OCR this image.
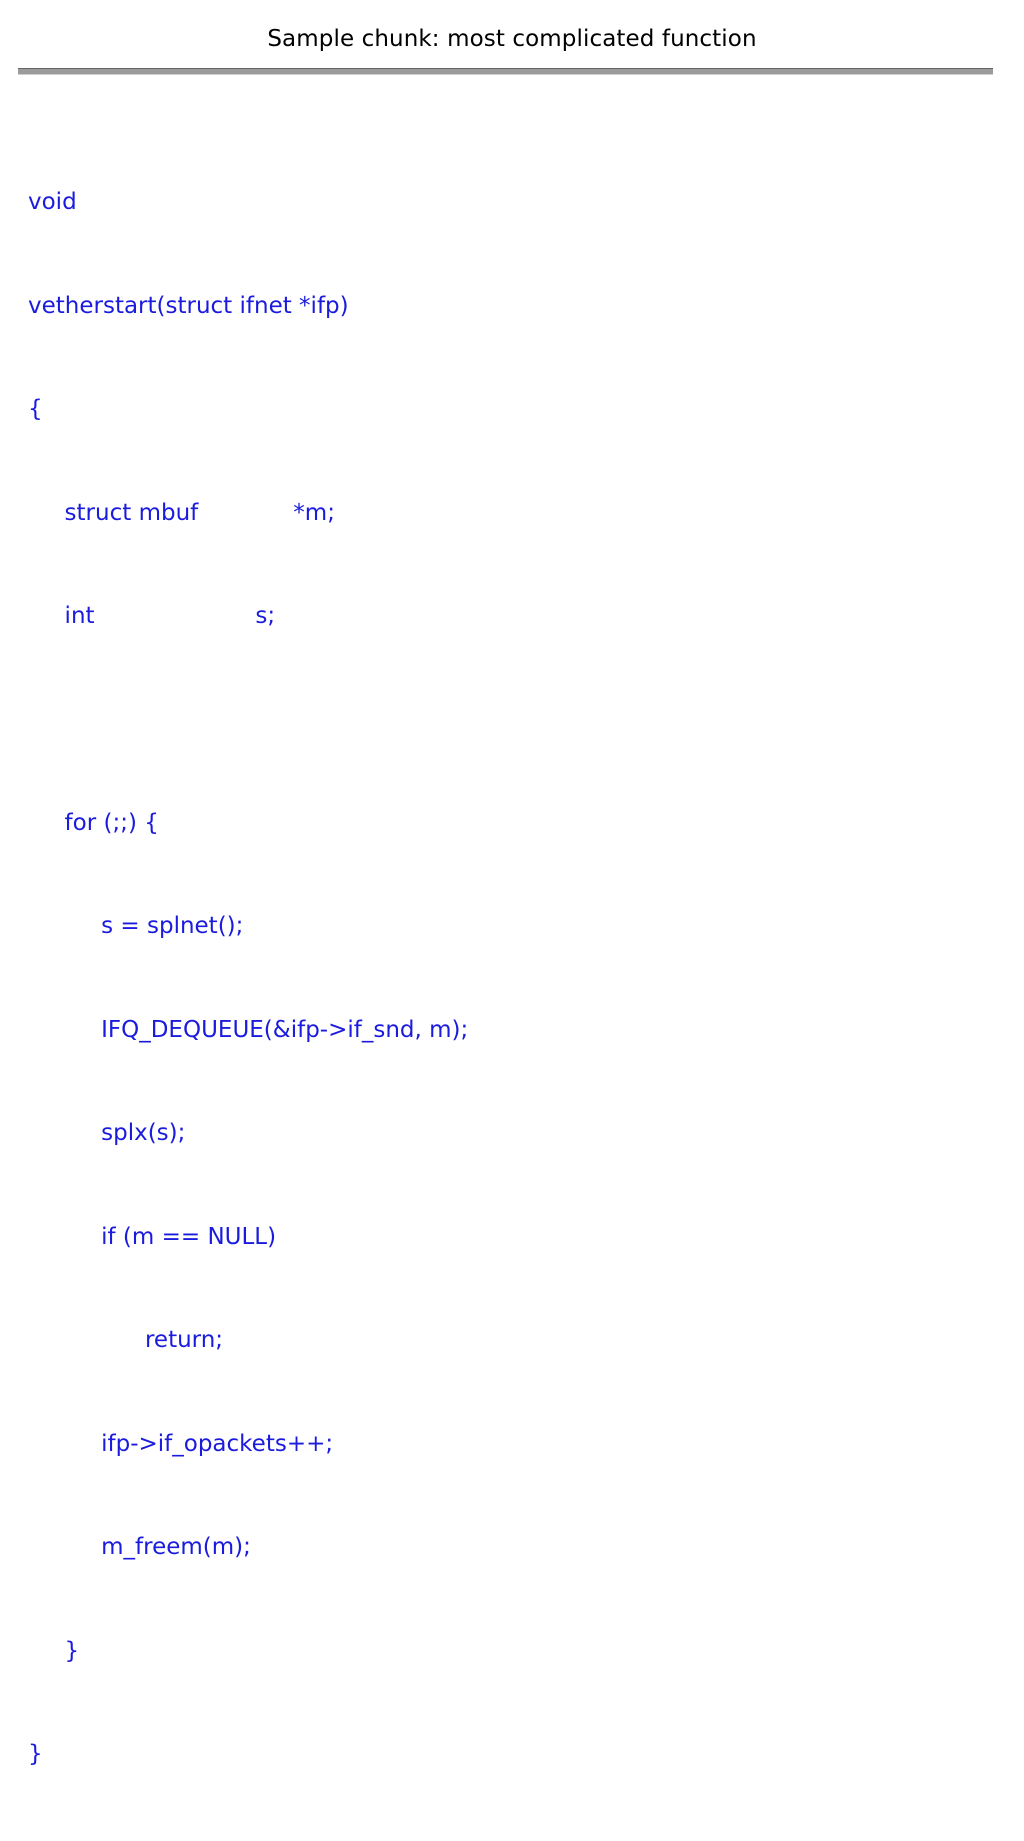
Sample chunk: most complicated function

void

vetherstart(struct ifnet *ifp)

{

struct mbuf             *m;

int                      s;

for (;;) {

s = splnet();

IFQ_DEQUEUE(&ifp->if_snd, m);

splx(s);

if (m == NULL)

return;

ifp->if_opackets++;

m_freem(m);

}

}
